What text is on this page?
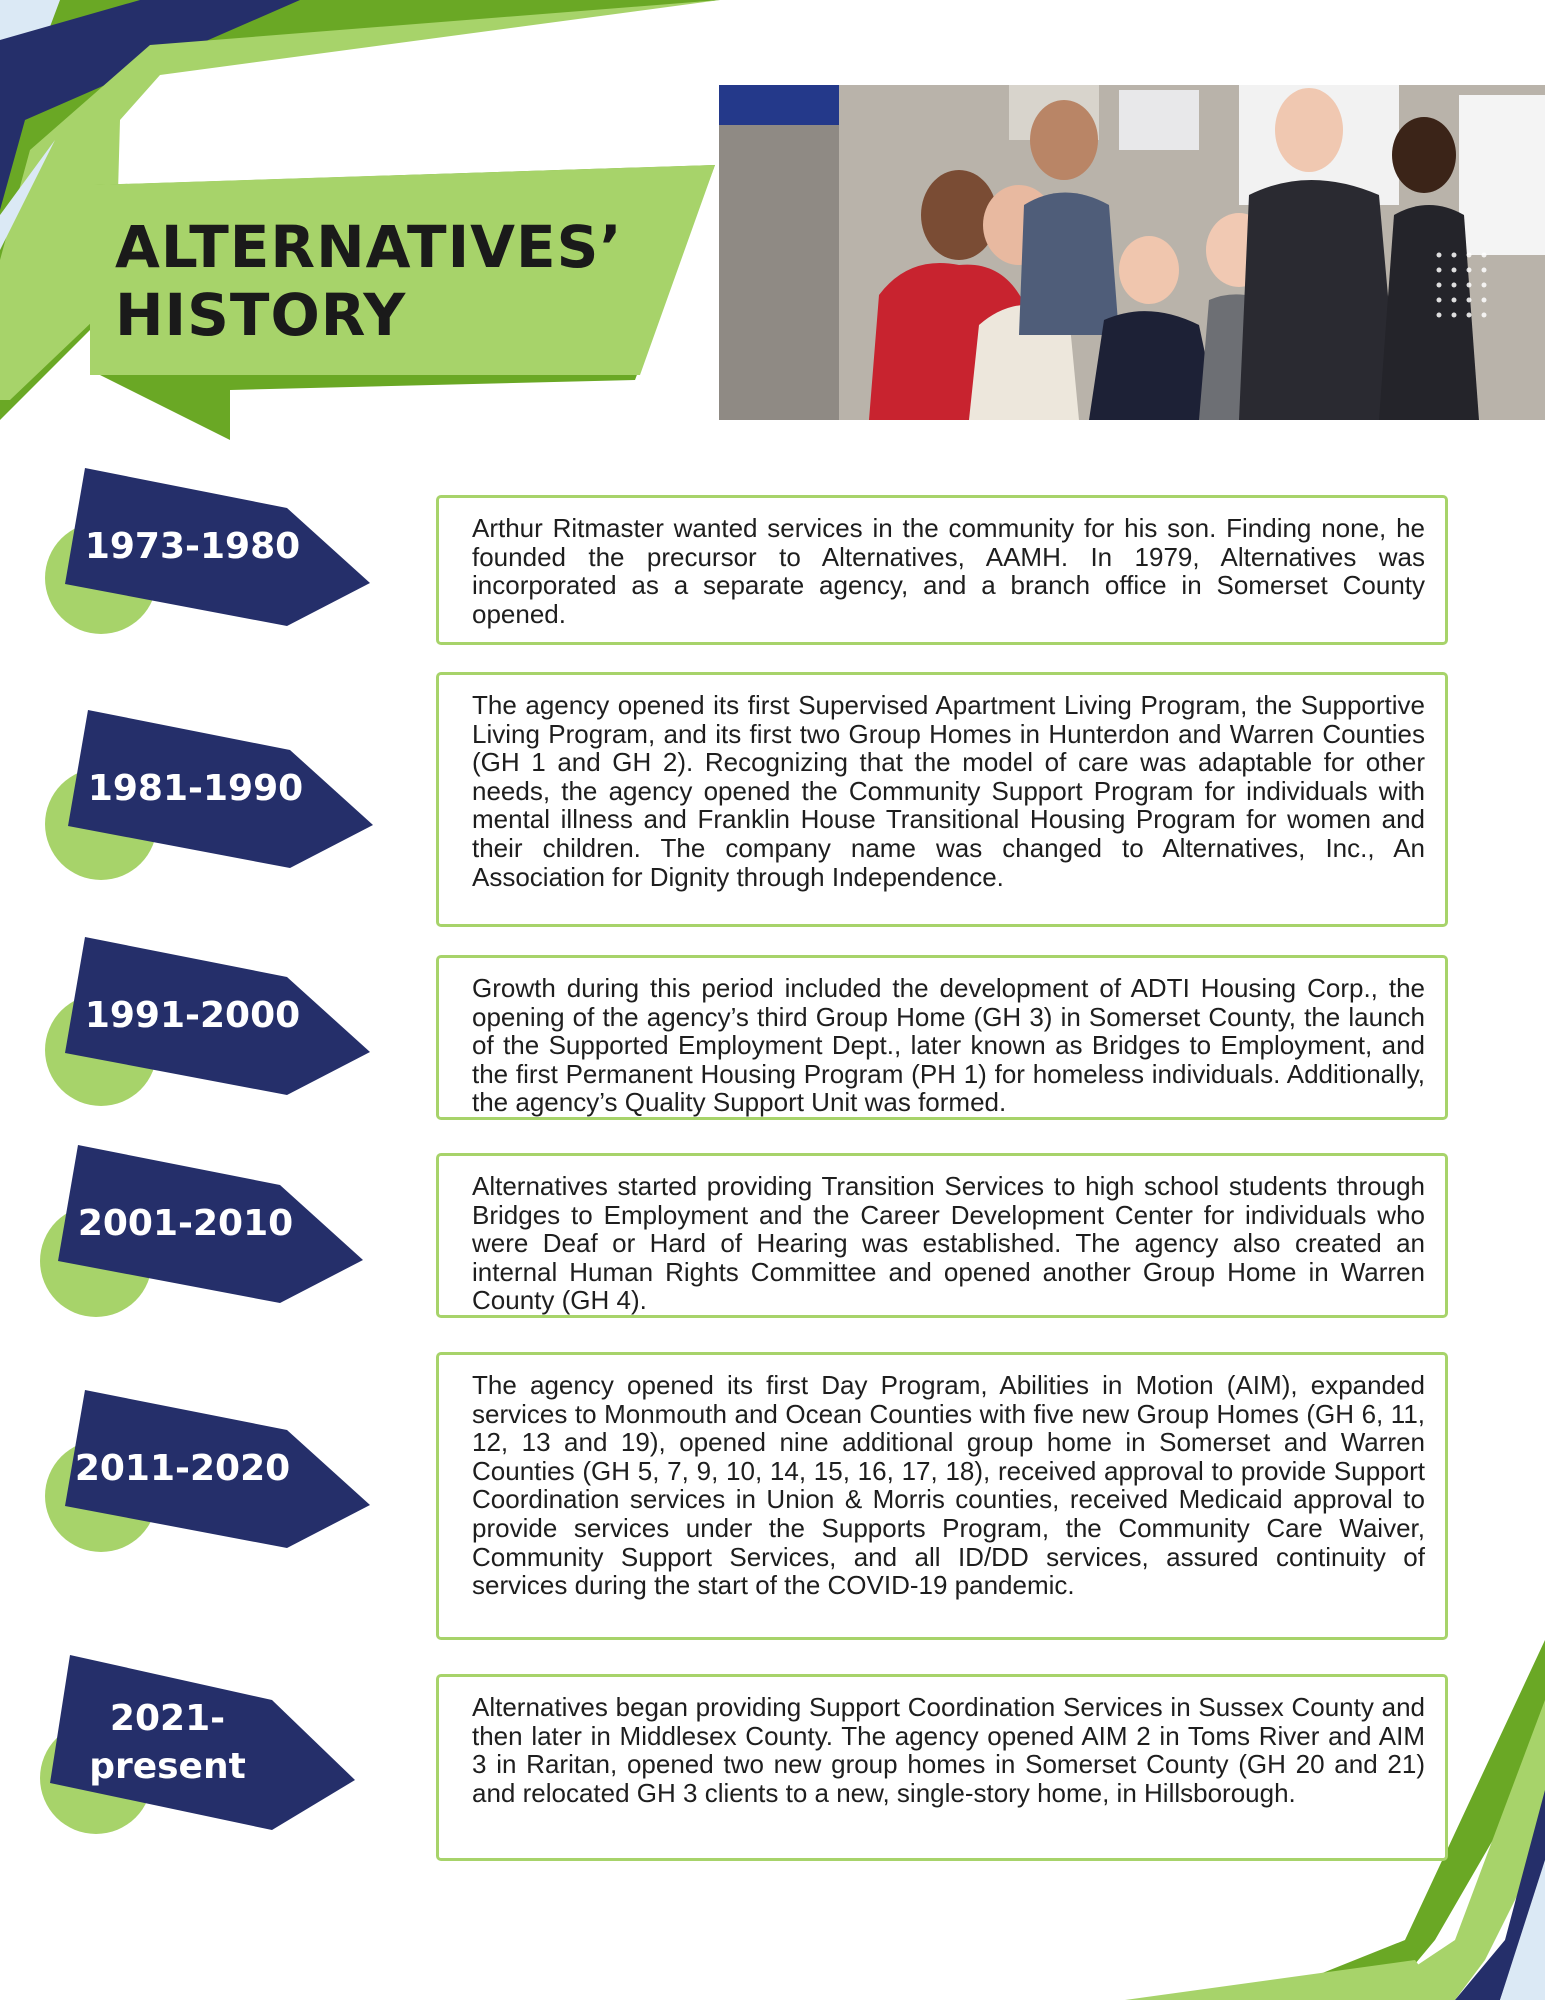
ALTERNATIVES’
HISTORY
1973-1980	Arthur Ritmaster wanted services in the community for his son. Finding none, he founded the precursor to Alternatives, AAMH. In 1979, Alternatives was incorporated as a separate agency, and a branch office in Somerset County opened.

1981-1990

The agency opened its first Supervised Apartment Living Program, the Supportive Living Program, and its first two Group Homes in Hunterdon and Warren Counties (GH 1 and GH 2). Recognizing that the model of care was adaptable for other needs, the agency opened the Community Support Program for individuals with mental illness and Franklin House Transitional Housing Program for women and their children. The company name was changed to Alternatives, Inc., An Association for Dignity through Independence.

1991-2000

Growth during this period included the development of ADTI Housing Corp., the opening of the agency’s third Group Home (GH 3) in Somerset County, the launch of the Supported Employment Dept., later known as Bridges to Employment, and the first Permanent Housing Program (PH 1) for homeless individuals. Additionally, the agency’s Quality Support Unit was formed.

2001-2010

Alternatives started providing Transition Services to high school students through Bridges to Employment and the Career Development Center for individuals who were Deaf or Hard of Hearing was established. The agency also created an internal Human Rights Committee and opened another Group Home in Warren County (GH 4).

2011-2020

The agency opened its first Day Program, Abilities in Motion (AIM), expanded services to Monmouth and Ocean Counties with five new Group Homes (GH 6, 11, 12, 13 and 19), opened nine additional group home in Somerset and Warren Counties (GH 5, 7, 9, 10, 14, 15, 16, 17, 18), received approval to provide Support Coordination services in Union & Morris counties, received Medicaid approval to provide services under the Supports Program, the Community Care Waiver, Community Support Services, and all ID/DD services, assured continuity of services during the start of the COVID-19 pandemic.

2021-
present

Alternatives began providing Support Coordination Services in Sussex County and then later in Middlesex County. The agency opened AIM 2 in Toms River and AIM 3 in Raritan, opened two new group homes in Somerset County (GH 20 and 21) and relocated GH 3 clients to a new, single-story home, in Hillsborough.
